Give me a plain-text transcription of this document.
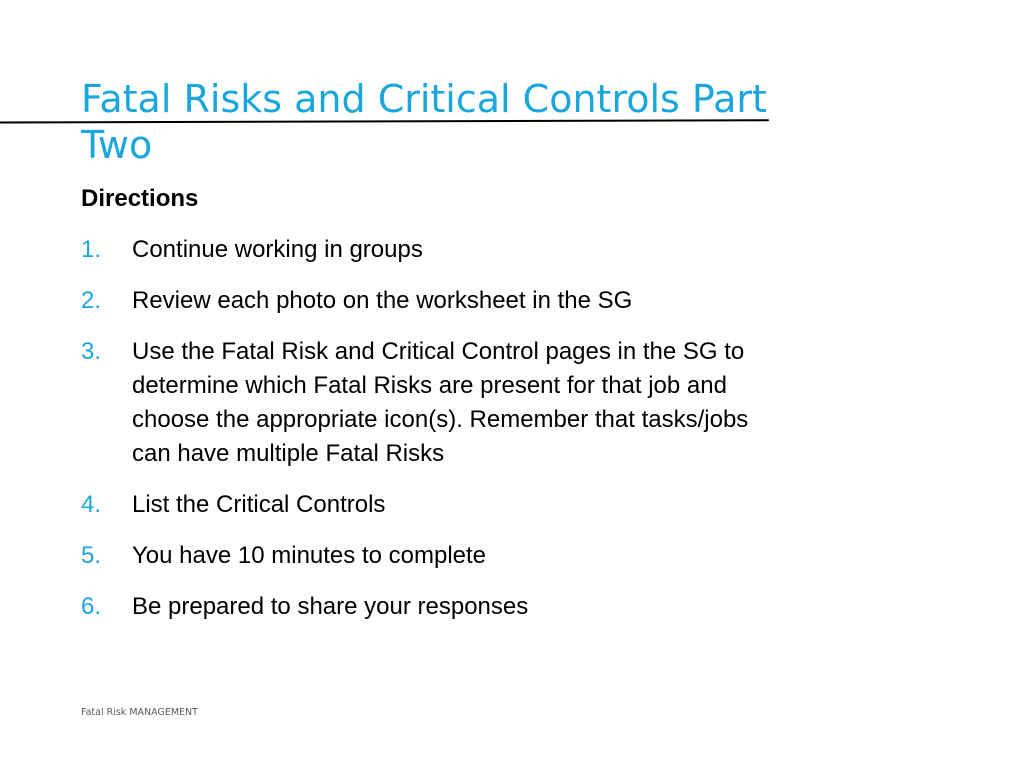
Fatal Risks and Critical Controls Part Two

Directions

1. Continue working in groups
2. Review each photo on the worksheet in the SG
3. Use the Fatal Risk and Critical Control pages in the SG to determine which Fatal Risks are present for that job and choose the appropriate icon(s). Remember that tasks/jobs can have multiple Fatal Risks
4. List the Critical Controls
5. You have 10 minutes to complete
6. Be prepared to share your responses

Fatal Risk MANAGEMENT
